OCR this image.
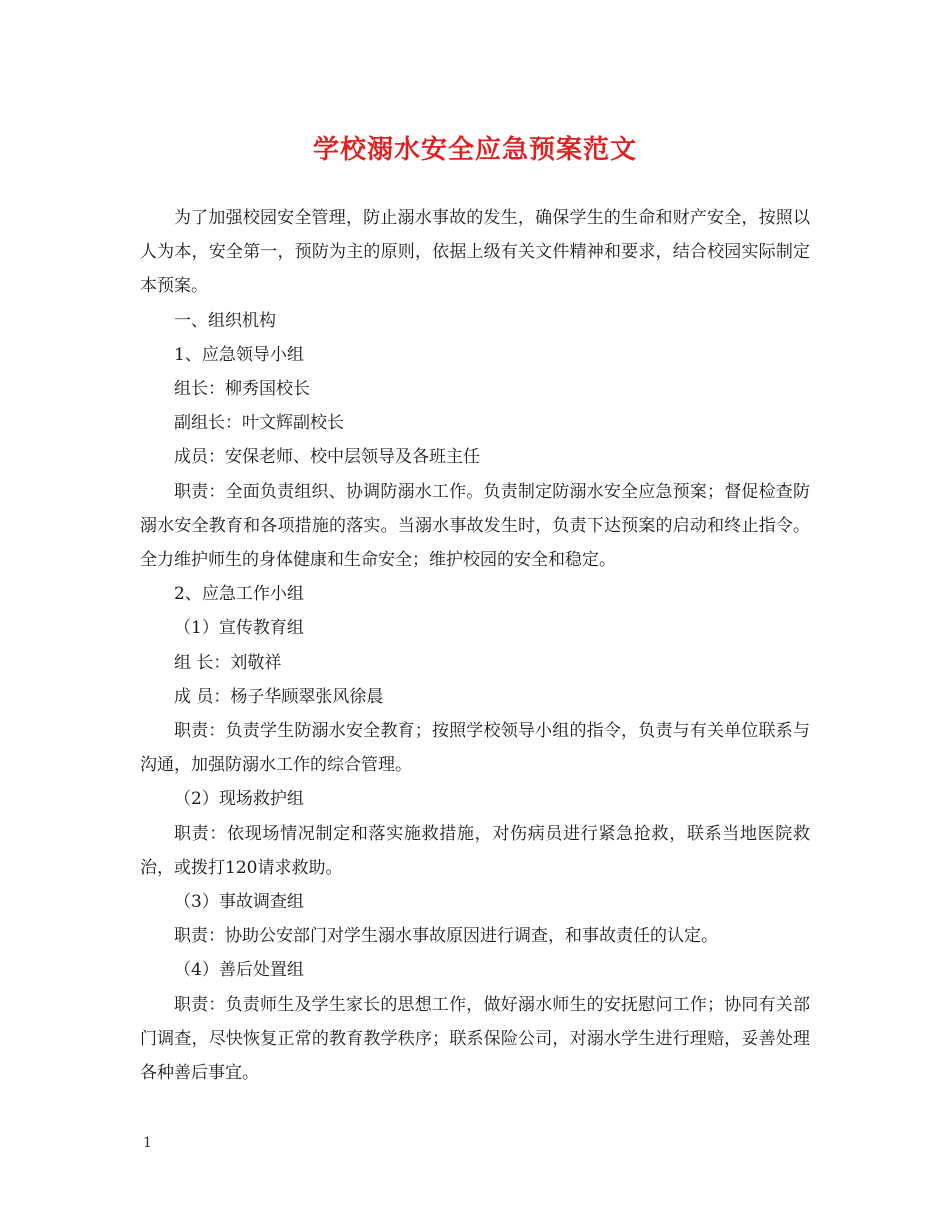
学校溺水安全应急预案范文

为了加强校园安全管理，防止溺水事故的发生，确保学生的生命和财产安全，按照以人为本，安全第一，预防为主的原则，依据上级有关文件精神和要求，结合校园实际制定本预案。

一、组织机构

1、应急领导小组

组长：柳秀国校长

副组长：叶文辉副校长

成员：安保老师、校中层领导及各班主任

职责：全面负责组织、协调防溺水工作。负责制定防溺水安全应急预案；督促检查防溺水安全教育和各项措施的落实。当溺水事故发生时，负责下达预案的启动和终止指令。全力维护师生的身体健康和生命安全；维护校园的安全和稳定。

2、应急工作小组

（1）宣传教育组

组 长：刘敬祥

成 员：杨子华顾翠张风徐晨

职责：负责学生防溺水安全教育；按照学校领导小组的指令，负责与有关单位联系与沟通，加强防溺水工作的综合管理。

（2）现场救护组

职责：依现场情况制定和落实施救措施，对伤病员进行紧急抢救，联系当地医院救治，或拨打120请求救助。

（3）事故调查组

职责：协助公安部门对学生溺水事故原因进行调查，和事故责任的认定。

（4）善后处置组

职责：负责师生及学生家长的思想工作，做好溺水师生的安抚慰问工作；协同有关部门调查，尽快恢复正常的教育教学秩序；联系保险公司，对溺水学生进行理赔，妥善处理各种善后事宜。

1
